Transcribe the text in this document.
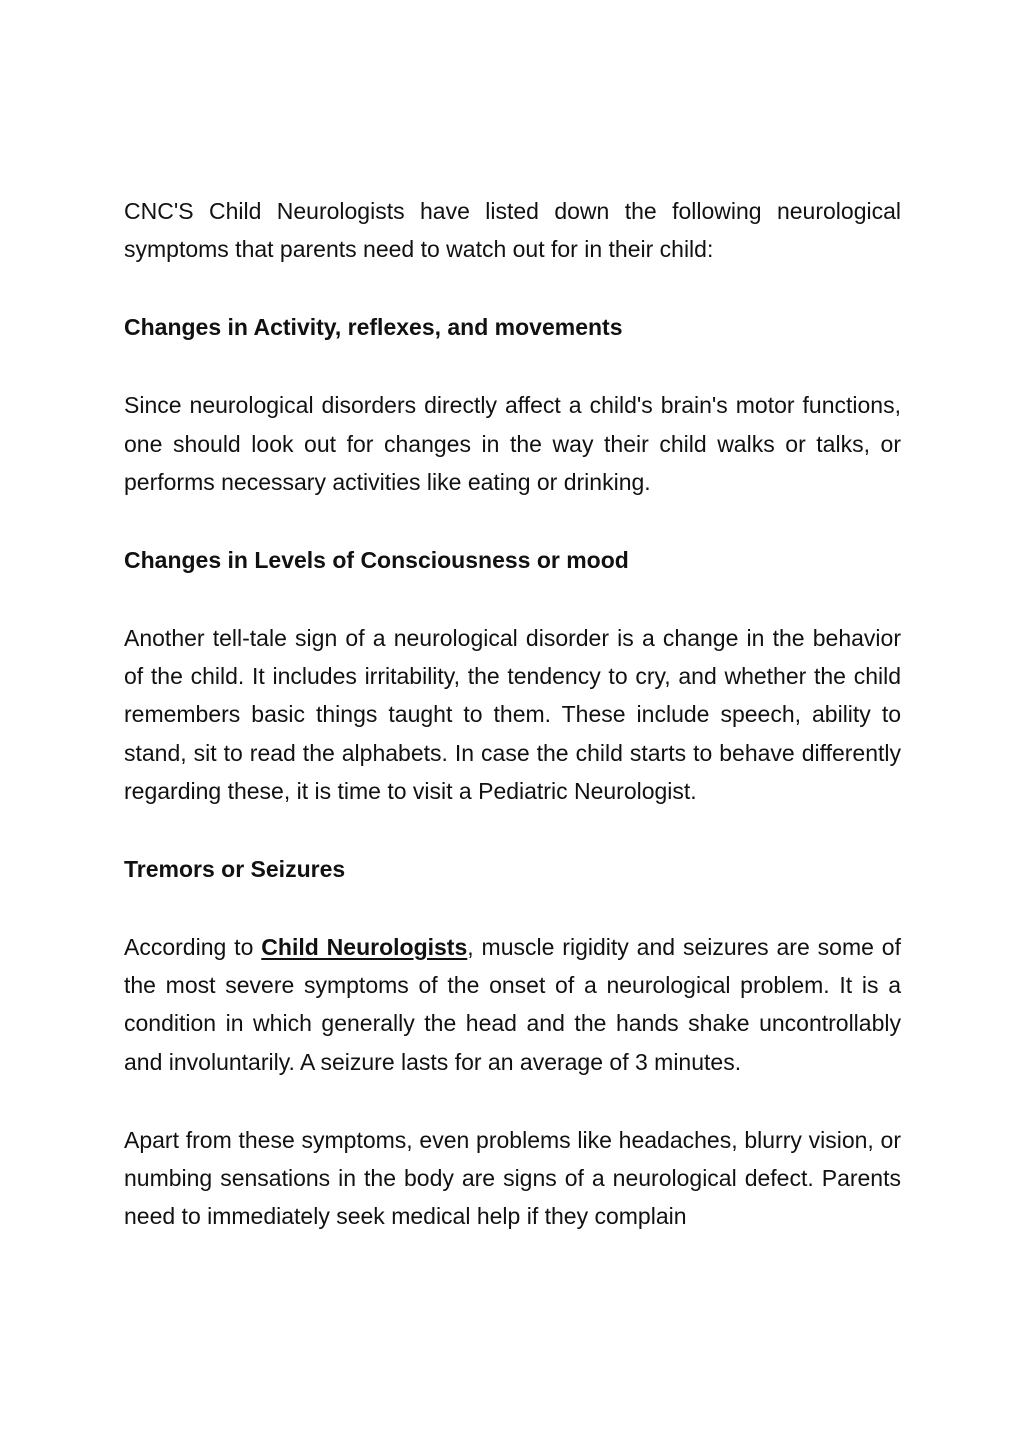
CNC'S Child Neurologists have listed down the following neurological symptoms that parents need to watch out for in their child:

Changes in Activity, reflexes, and movements

Since neurological disorders directly affect a child's brain's motor functions, one should look out for changes in the way their child walks or talks, or performs necessary activities like eating or drinking.

Changes in Levels of Consciousness or mood

Another tell-tale sign of a neurological disorder is a change in the behavior of the child. It includes irritability, the tendency to cry, and whether the child remembers basic things taught to them. These include speech, ability to stand, sit to read the alphabets. In case the child starts to behave differently regarding these, it is time to visit a Pediatric Neurologist.

Tremors or Seizures

According to Child Neurologists, muscle rigidity and seizures are some of the most severe symptoms of the onset of a neurological problem. It is a condition in which generally the head and the hands shake uncontrollably and involuntarily. A seizure lasts for an average of 3 minutes.

Apart from these symptoms, even problems like headaches, blurry vision, or numbing sensations in the body are signs of a neurological defect. Parents need to immediately seek medical help if they complain
